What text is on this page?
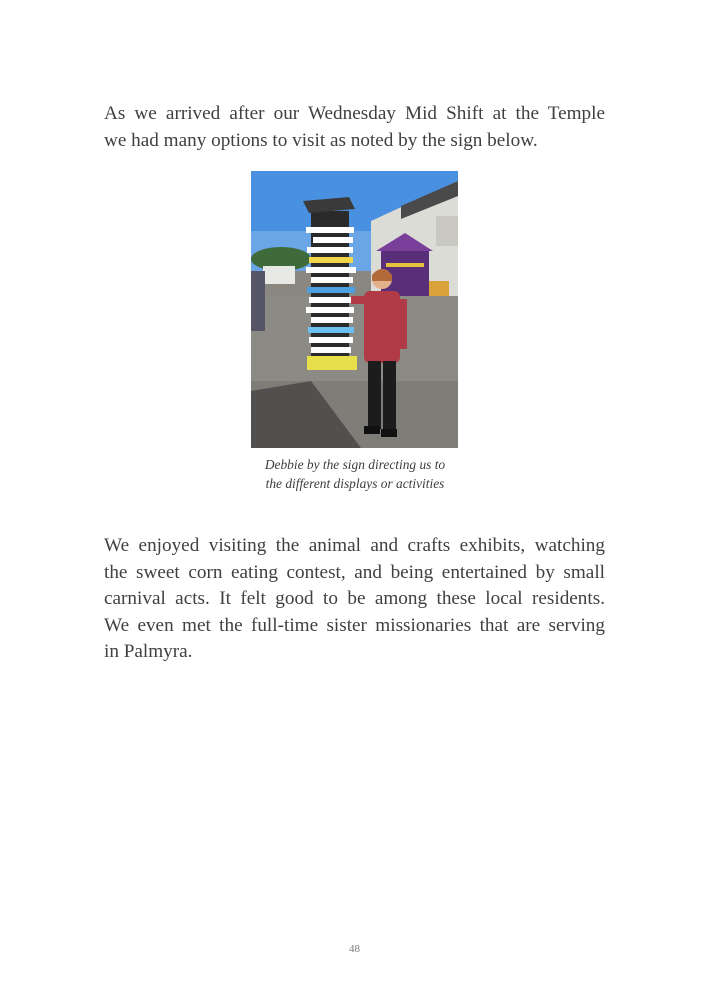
As we arrived after our Wednesday Mid Shift at the Temple
we had many options to visit as noted by the sign below.

Debbie by the sign directing us to
the different displays or activities

We enjoyed visiting the animal and crafts exhibits, watching
the sweet corn eating contest, and being entertained by small
carnival acts. It felt good to be among these local residents.
We even met the full-time sister missionaries that are serving
in Palmyra.

48
